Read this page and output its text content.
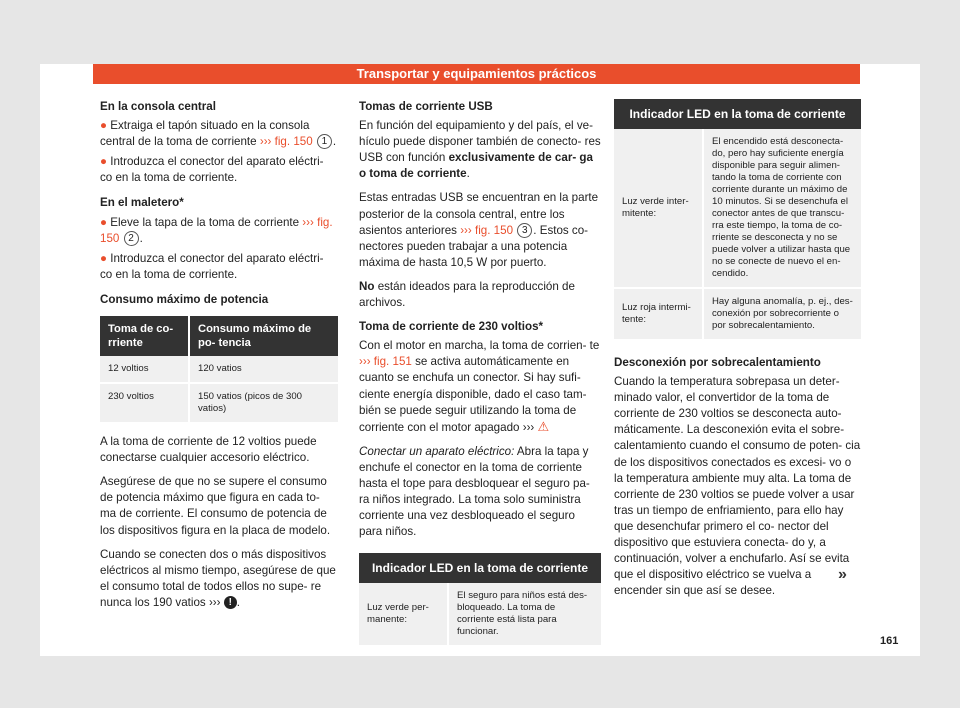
Transportar y equipamientos prácticos
En la consola central
● Extraiga el tapón situado en la consola central de la toma de corriente ››› fig. 150 1 .
● Introduzca el conector del aparato eléctri- co en la toma de corriente.
En el maletero*
● Eleve la tapa de la toma de corriente ››› fig. 150 2 .
● Introduzca el conector del aparato eléctri- co en la toma de corriente.
Consumo máximo de potencia
Toma de co- rriente	Consumo máximo de po- tencia
12 voltios	120 vatios
230 voltios	150 vatios (picos de 300 vatios)

A la toma de corriente de 12 voltios puede conectarse cualquier accesorio eléctrico.

Asegúrese de que no se supere el consumo de potencia máximo que figura en cada to- ma de corriente. El consumo de potencia de los dispositivos figura en la placa de modelo.

Cuando se conecten dos o más dispositivos eléctricos al mismo tiempo, asegúrese de que el consumo total de todos ellos no supe- re nunca los 190 vatios ››› ! .

Tomas de corriente USB

En función del equipamiento y del país, el ve- hículo puede disponer también de conecto- res USB con función exclusivamente de car- ga o toma de corriente.

Estas entradas USB se encuentran en la parte posterior de la consola central, entre los asientos anteriores ››› fig. 150 3 . Estos co- nectores pueden trabajar a una potencia máxima de hasta 10,5 W por puerto.

No están ideados para la reproducción de archivos.

Toma de corriente de 230 voltios*

Con el motor en marcha, la toma de corrien- te ››› fig. 151 se activa automáticamente en cuanto se enchufa un conector. Si hay sufi- ciente energía disponible, dado el caso tam- bién se puede seguir utilizando la toma de corriente con el motor apagado ››› ⚠

Conectar un aparato eléctrico: Abra la tapa y enchufe el conector en la toma de corriente hasta el tope para desbloquear el seguro pa- ra niños integrado. La toma solo suministra corriente una vez desbloqueado el seguro para niños.

Indicador LED en la toma de corriente
Luz verde per- manente:	El seguro para niños está des- bloqueado. La toma de corriente está lista para funcionar.
Indicador LED en la toma de corriente	
Luz verde inter- mitente:	El encendido está desconecta- do, pero hay suficiente energía disponible para seguir alimen- tando la toma de corriente con corriente durante un máximo de 10 minutos. Si se desenchufa el conector antes de que transcu- rra este tiempo, la toma de co- rriente se desconecta y no se puede volver a utilizar hasta que no se conecte de nuevo el en- cendido.
Luz roja intermi- tente:	Hay alguna anomalía, p. ej., des- conexión por sobrecorriente o por sobrecalentamiento.
Desconexión por sobrecalentamiento

Cuando la temperatura sobrepasa un deter- minado valor, el convertidor de la toma de corriente de 230 voltios se desconecta auto- máticamente. La desconexión evita el sobre- calentamiento cuando el consumo de poten- cia de los dispositivos conectados es excesi- vo o la temperatura ambiente muy alta. La toma de corriente de 230 voltios se puede volver a usar tras un tiempo de enfriamiento, para ello hay que desenchufar primero el co- nector del dispositivo que estuviera conecta- do y, a continuación, volver a enchufarlo. Así se evita que el dispositivo eléctrico se vuelva a encender sin que así se desee.

»
161
